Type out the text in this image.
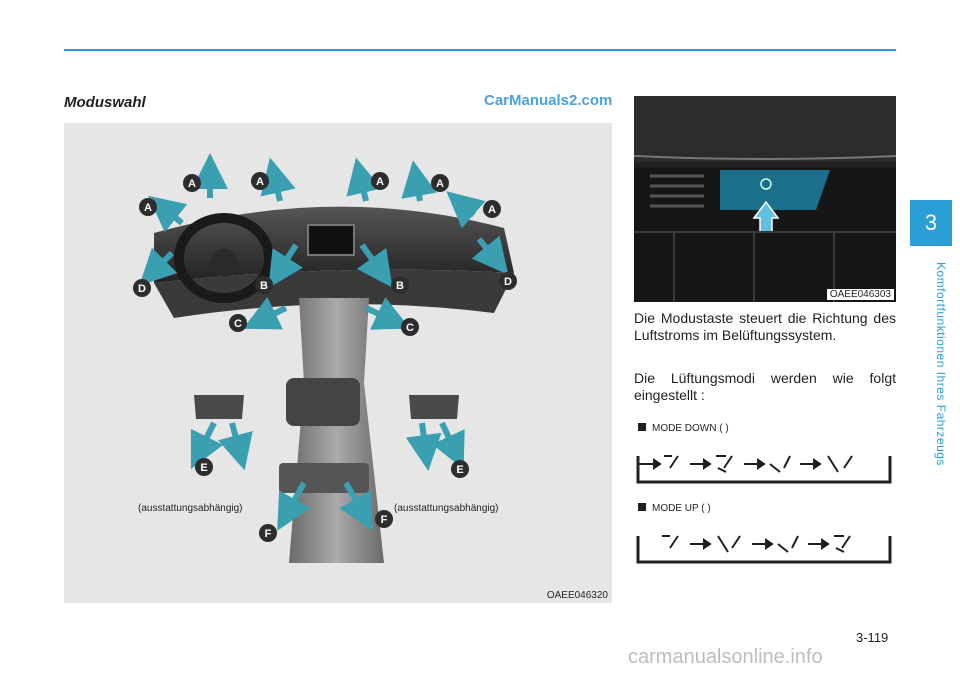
Moduswahl	CarManuals2.com
A	A	A	A
A	A
D
D
B	B
C	C
E	E
F
F
(ausstattungsabhängig)	(ausstattungsabhängig)
OAEE046320
OAEE046303
Die Modustaste steuert die Richtung des Luftstroms im Belüftungssystem.
Die Lüftungsmodi werden wie folgt eingestellt :
MODE DOWN ( )
MODE UP ( )
3
Komfortfunktionen Ihres Fahrzeugs
3-119
carmanualsonline.info
